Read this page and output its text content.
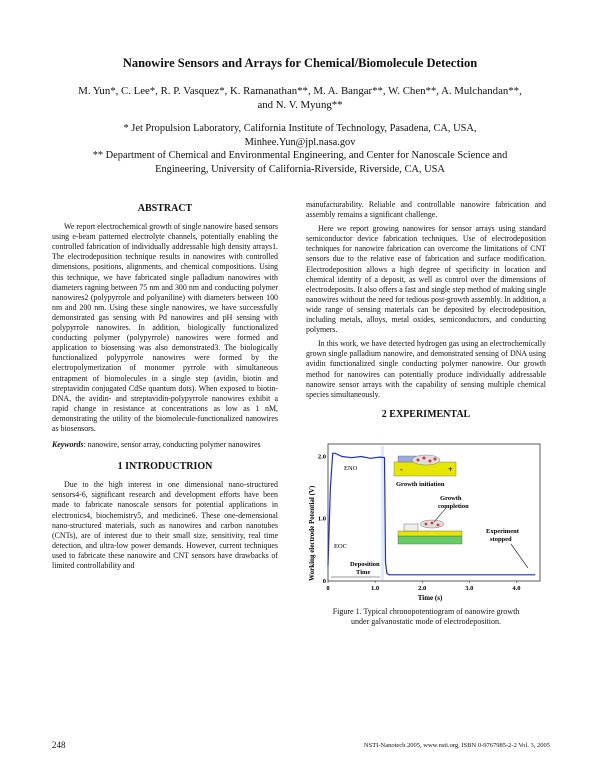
Nanowire Sensors and Arrays for Chemical/Biomolecule Detection
M. Yun*, C. Lee*, R. P. Vasquez*, K. Ramanathan**, M. A. Bangar**, W. Chen**, A. Mulchandan**,
and N. V. Myung**
* Jet Propulsion Laboratory, California Institute of Technology, Pasadena, CA, USA,
Minhee.Yun@jpl.nasa.gov
** Department of Chemical and Environmental Engineering, and Center for Nanoscale Science and
Engineering, University of California-Riverside, Riverside, CA, USA
ABSTRACT

We report electrochemical growth of single nanowire based sensors using e-beam patterned electrolyte channels, potentially enabling the controlled fabrication of individually addressable high density arrays1. The electrodeposition technique results in nanowires with controlled dimensions, positions, alignments, and chemical compositions. Using this technique, we have fabricated single palladium nanowires with diameters ragning between 75 nm and 300 nm and conducting polymer nanowires2 (polypyrrole and polyaniline) with diameters between 100 nm and 200 nm. Using these single nanowires, we have successfully demonstrated gas sensing with Pd nanowires and pH sensing with polypyrrole nanowires. In addition, biologically functionalized conducting polymer (polypyrrole) nanowires were formed and application to biosensing was also demonstrated3. The biologically functionalized polypyrrole nanowires were formed by the electropolymerization of monomer pyrrole with simultaneous entrapment of biomolecules in a single step (avidin, biotin and streptavidin conjugated CdSe quantum dots). When exposed to biotin-DNA, the avidin- and streptavidin-polypyrrole nanowires exhibit a rapid change in resistance at concentrations as low as 1 nM, demonstrating the utility of the biomolecule-functionalized nanowires as biosensors.

Keywords: nanowire, sensor array, conducting polymer nanowires

1 INTRODUCTRION

Due to the high interest in one dimensional nano-structured sensors4-6, significant research and development efforts have been made to fabricate nanoscale sensors for potential applications in electronics4, biochemistry5, and medicine6. These one-demensional nano-structured materials, such as nanowires and carbon nanotubes (CNTs), are of interest due to their small size, sensitivity, real time detection, and ultra-low power demands. However, current techniques used to fabricate these nanowire and CNT sensors have drawbacks of limited controllability and

manufacturability. Reliable and controllable nanowire fabrication and assembly remains a significant challenge.

Here we report growing nanowires for sensor arrays using standard semiconductor device fabrication techniques. Use of electrodeposition techniques for nanowire fabrication can overcome the limitations of CNT sensors due to the relative ease of fabrication and surface modification. Electrodeposition allows a high degree of specificity in location and chemical identity of a deposit, as well as control over the dimensions of electrodeposits. It also offers a fast and single step method of making single nanowires without the need for tedious post-growth assembly. In addition, a wide range of sensing materials can be deposited by electrodeposition, including metals, alloys, metal oxides, semiconductors, and conducting polymers.

In this work, we have detected hydrogen gas using an electrochemically grown single palladium nanowire, and demonstrated sensing of DNA using avidin functionalized single conducting polymer nanowire. Our growth method for nanowires can potentially produce individually addressable nanowire sensor arrays with the capability of sensing multiple chemical species simultaneously.

2 EXPERIMENTAL
Working electrode Potential (V)
Time (s)
-	+
Growth initiation
Growth
completion
Experiment
stopped
ENO
EOC
Deposition
Time
0	1.0	2.0	3.0	4.0
2.0
1.0
0
Figure 1. Typical chronopotentiogram of nanowire growth
under galvanostatic mode of electrodeposition.
248	NSTI-Nanotech 2005, www.nsti.org, ISBN 0-9767985-2-2 Vol. 3, 2005
